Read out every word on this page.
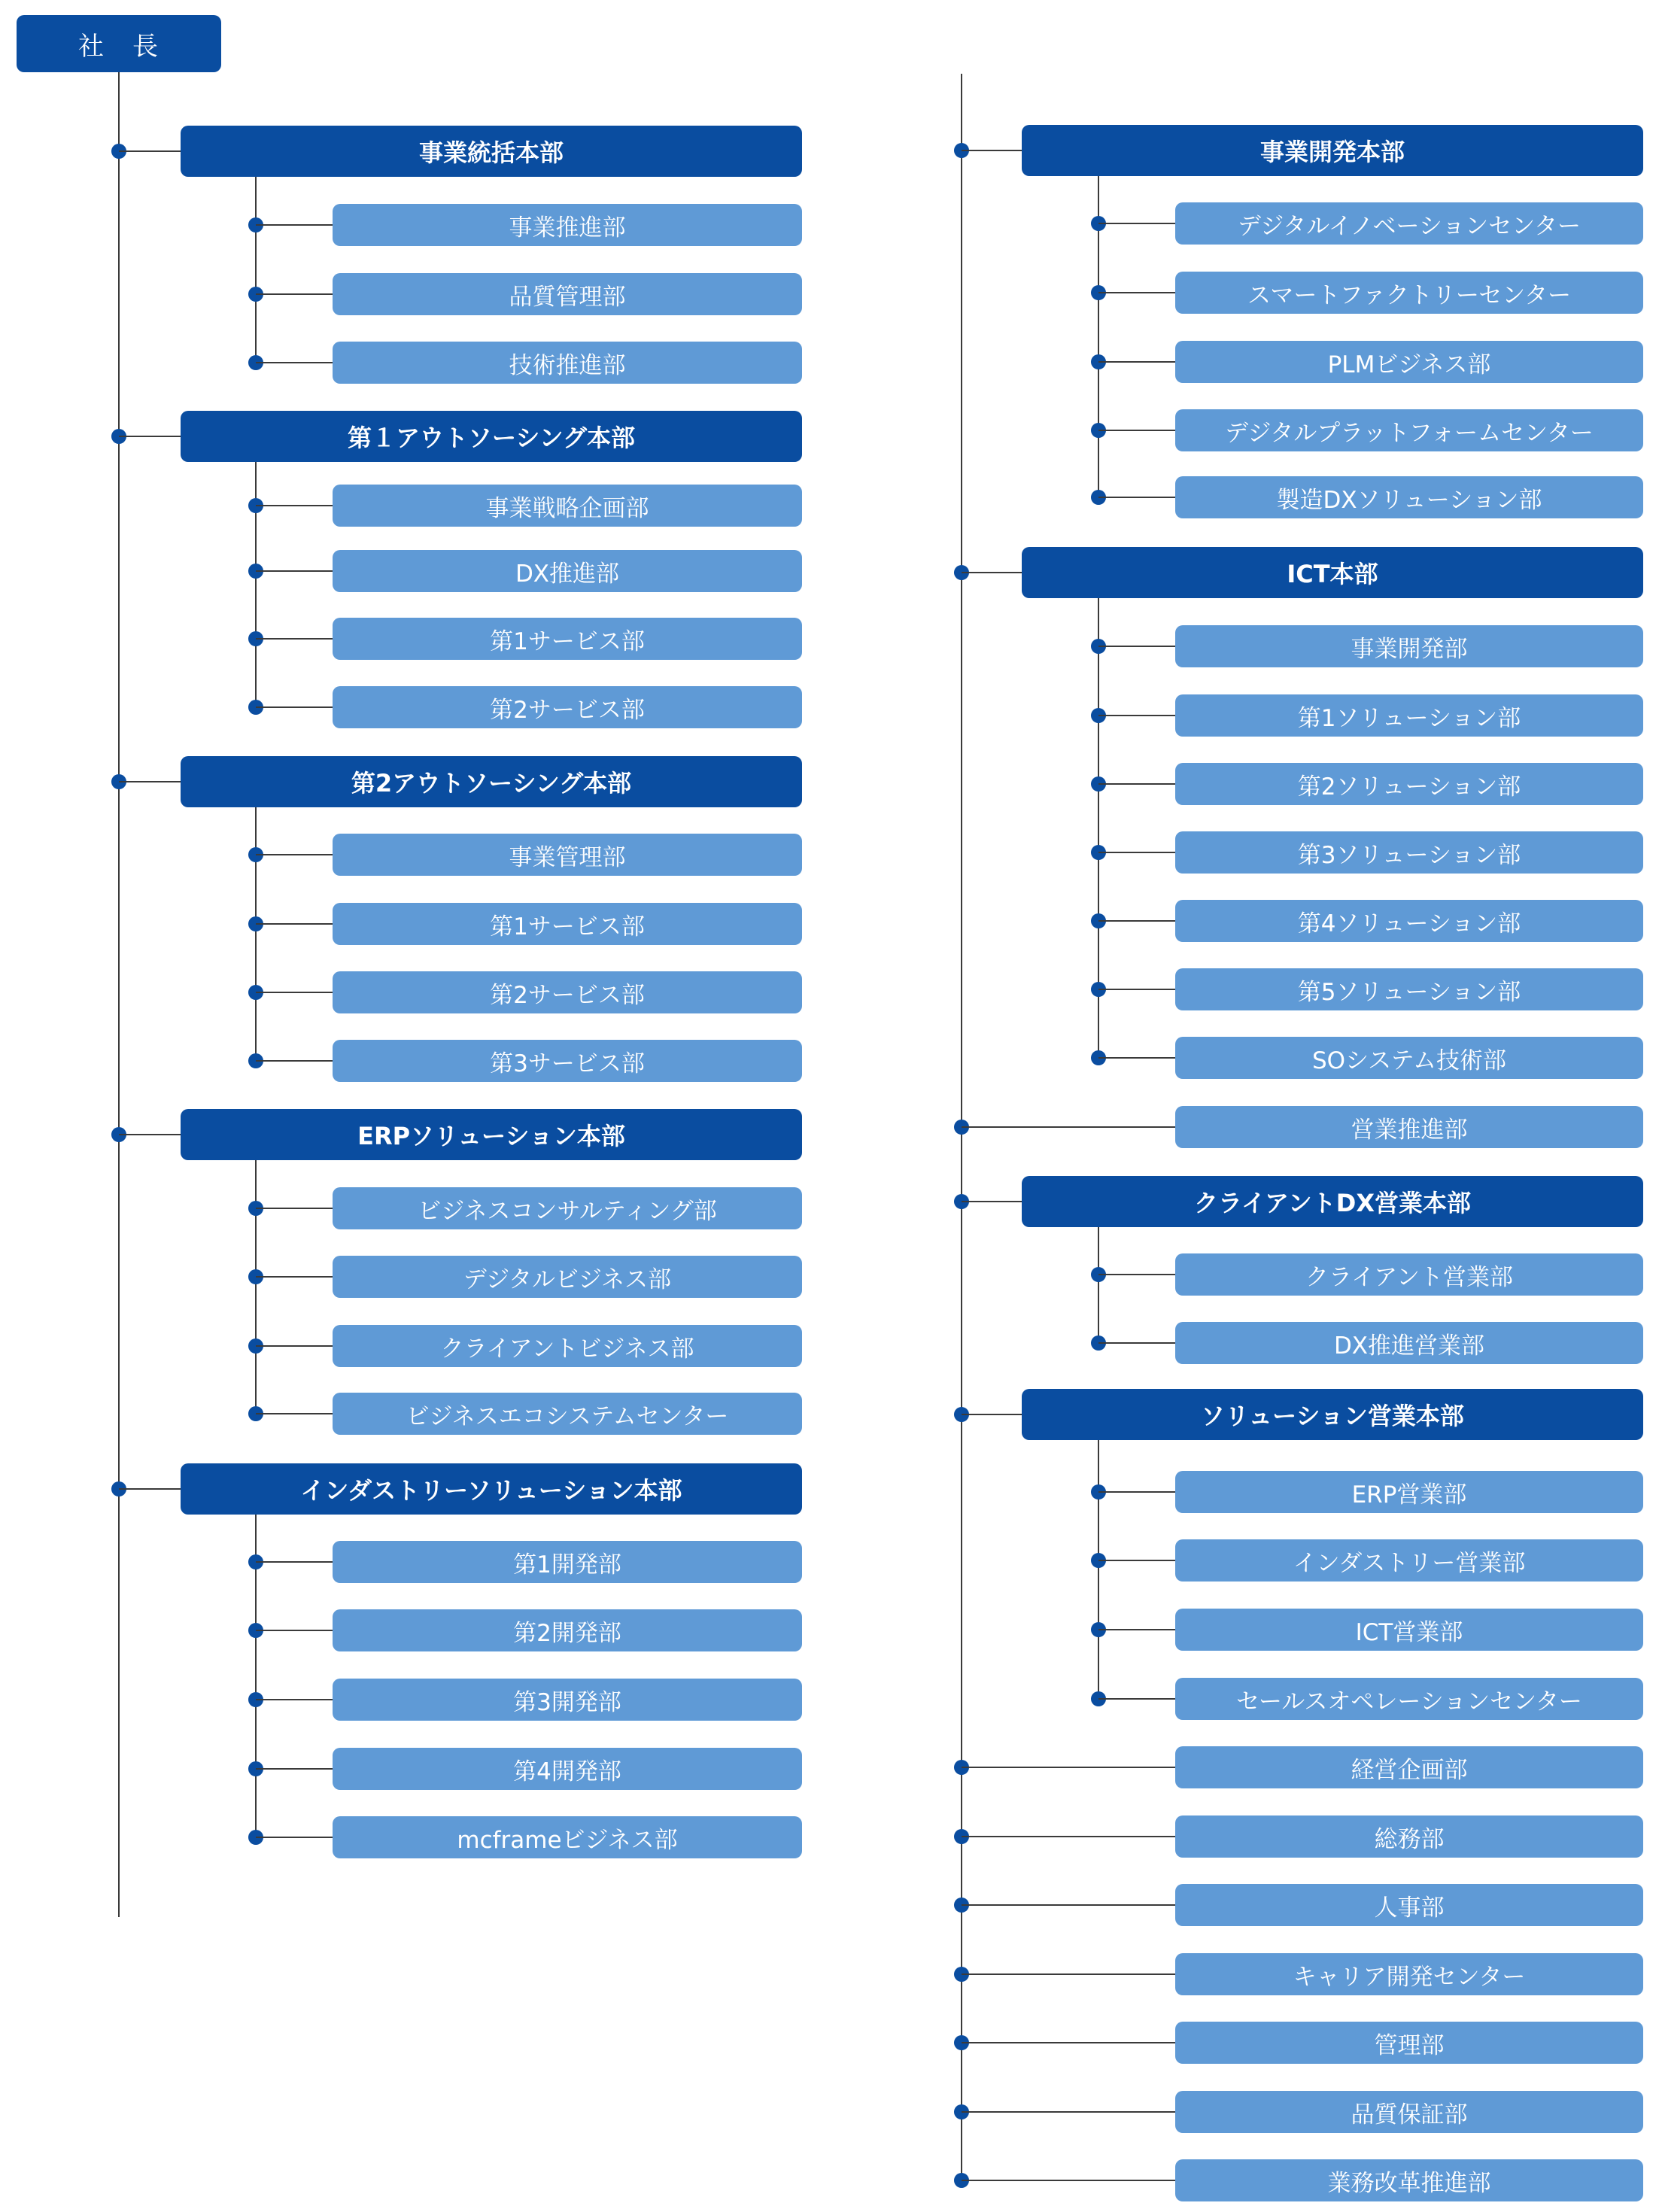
社　長
事業統括本部
事業推進部
品質管理部
技術推進部
第１アウトソーシング本部
事業戦略企画部
DX推進部
第1サービス部
第2サービス部
第2アウトソーシング本部
事業管理部
第1サービス部
第2サービス部
第3サービス部
ERPソリューション本部
ビジネスコンサルティング部
デジタルビジネス部
クライアントビジネス部
ビジネスエコシステムセンター
インダストリーソリューション本部
第1開発部
第2開発部
第3開発部
第4開発部
mcframeビジネス部
事業開発本部
デジタルイノベーションセンター
スマートファクトリーセンター
PLMビジネス部
デジタルプラットフォームセンター
製造DXソリューション部
ICT本部
事業開発部
第1ソリューション部
第2ソリューション部
第3ソリューション部
第4ソリューション部
第5ソリューション部
SOシステム技術部
営業推進部
クライアントDX営業本部
クライアント営業部
DX推進営業部
ソリューション営業本部
ERP営業部
インダストリー営業部
ICT営業部
セールスオペレーションセンター
経営企画部
総務部
人事部
キャリア開発センター
管理部
品質保証部
業務改革推進部
